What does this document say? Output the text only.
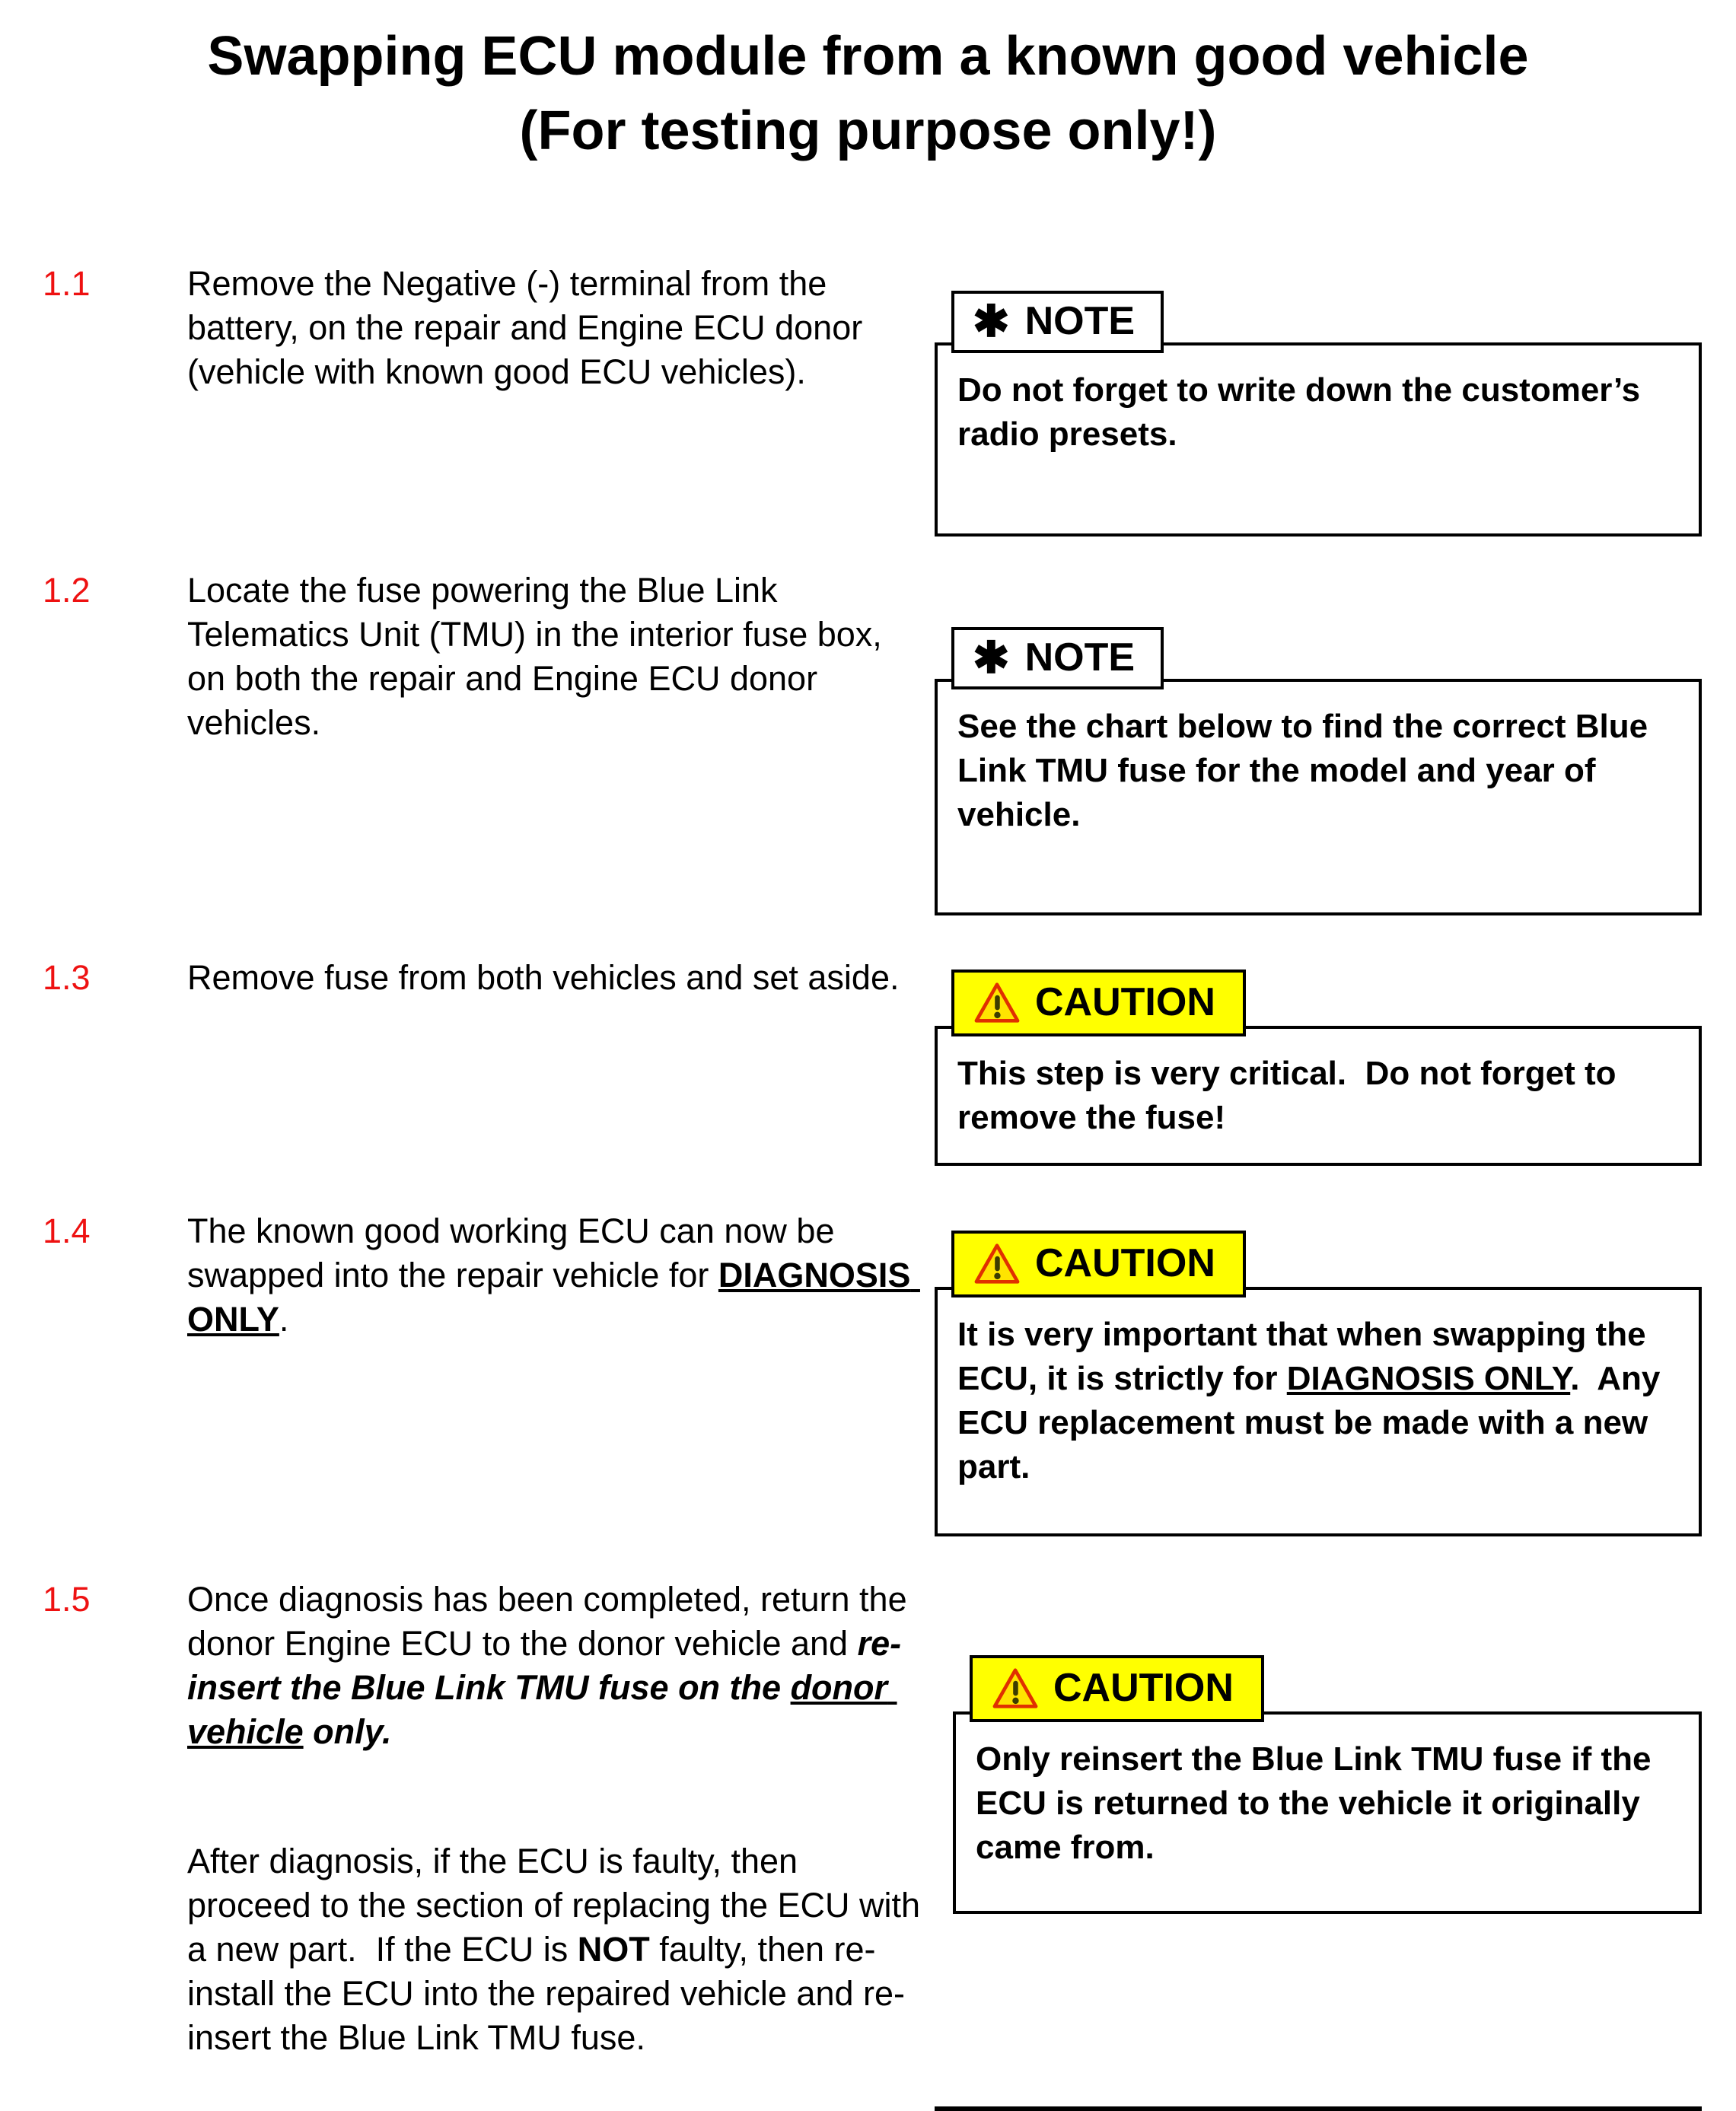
Swapping ECU module from a known good vehicle
(For testing purpose only!)
1.1	Remove the Negative (-) terminal from the battery, on the repair and Engine ECU donor (vehicle with known good ECU vehicles).
1.2	Locate the fuse powering the Blue Link Telematics Unit (TMU) in the interior fuse box, on both the repair and Engine ECU donor vehicles.
1.3	Remove fuse from both vehicles and set aside.
1.4	The known good working ECU can now be swapped into the repair vehicle for DIAGNOSIS ONLY.
1.5	Once diagnosis has been completed, return the donor Engine ECU to the donor vehicle and re-insert the Blue Link TMU fuse on the donor vehicle only.
After diagnosis, if the ECU is faulty, then proceed to the section of replacing the ECU with a new part.  If the ECU is NOT faulty, then re-install the ECU into the repaired vehicle and re-insert the Blue Link TMU fuse.
✱ NOTE
Do not forget to write down the customer’s radio presets.
✱ NOTE
See the chart below to find the correct Blue Link TMU fuse for the model and year of vehicle.
CAUTION
This step is very critical.  Do not forget to remove the fuse!
CAUTION
It is very important that when swapping the ECU, it is strictly for DIAGNOSIS ONLY.  Any ECU replacement must be made with a new part.
CAUTION
Only reinsert the Blue Link TMU fuse if the ECU is returned to the vehicle it originally came from.
